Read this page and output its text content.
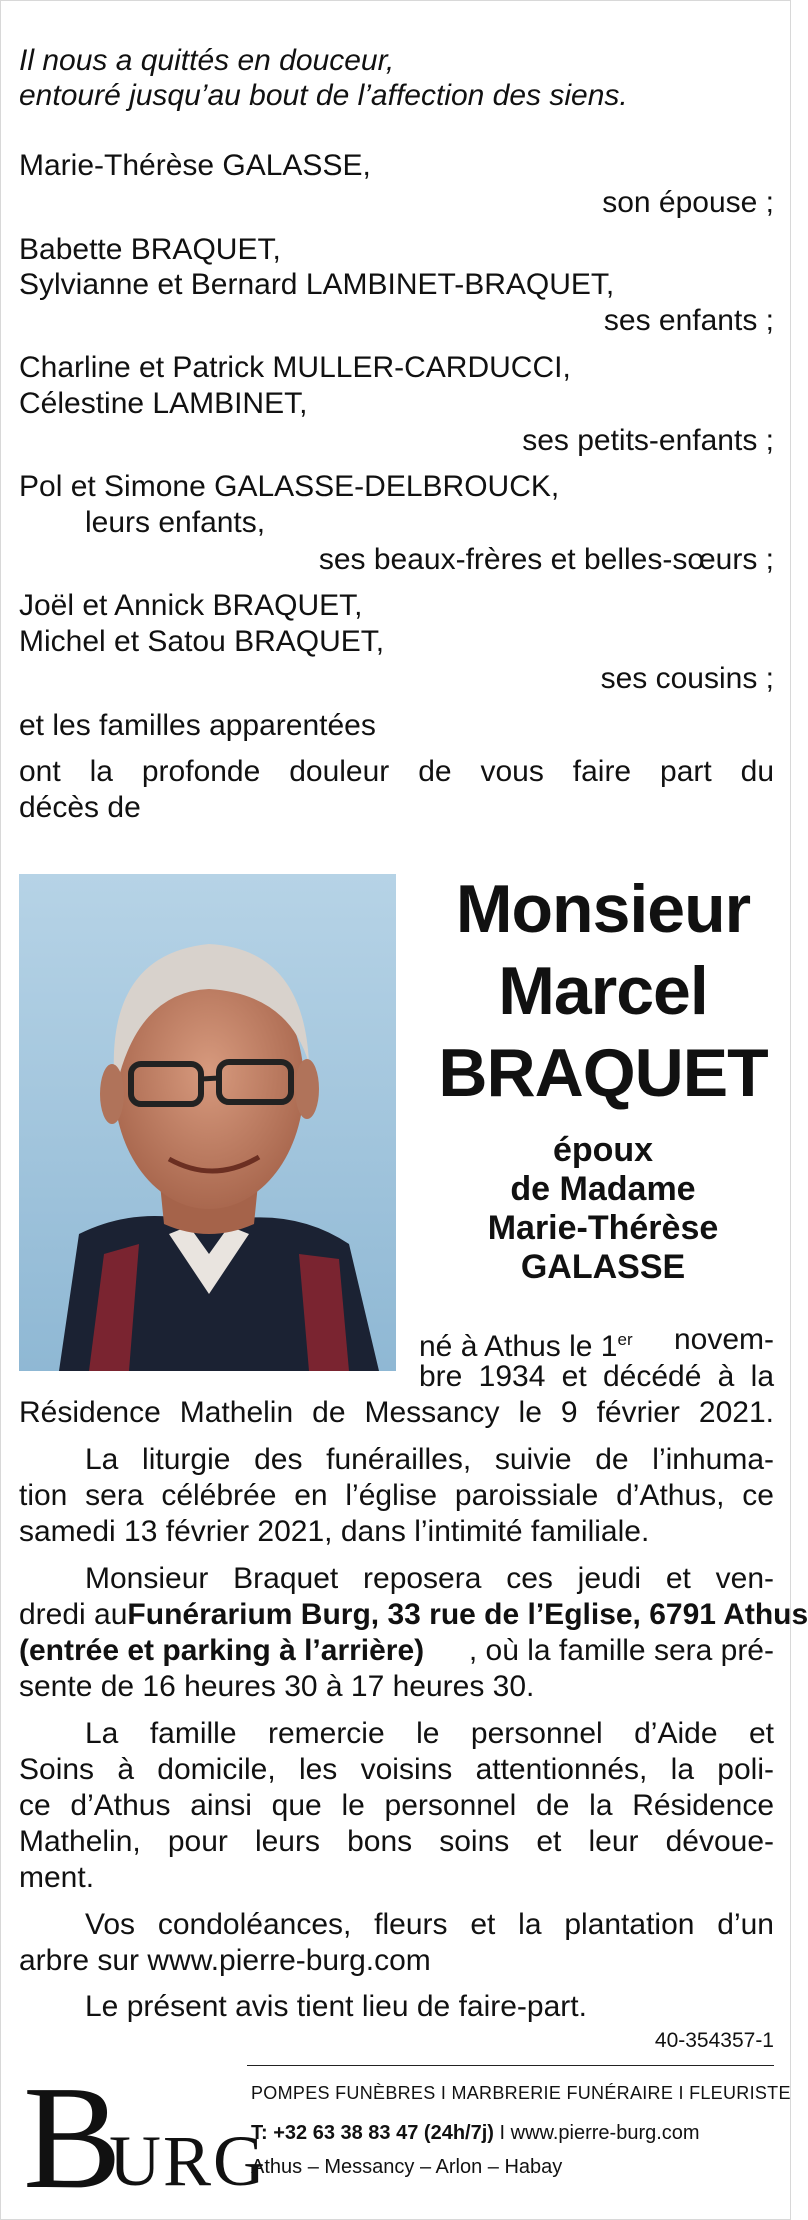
Il nous a quittés en douceur,
entouré jusqu’au bout de l’affection des siens.
Marie-Thérèse GALASSE,
son épouse ;
Babette BRAQUET,
Sylvianne et Bernard LAMBINET-BRAQUET,
ses enfants ;
Charline et Patrick MULLER-CARDUCCI,
Célestine LAMBINET,
ses petits-enfants ;
Pol et Simone GALASSE-DELBROUCK,
leurs enfants,
ses beaux-frères et belles-sœurs ;
Joël et Annick BRAQUET,
Michel et Satou BRAQUET,
ses cousins ;
et les familles apparentées
ont la profonde douleur de vous faire part du
décès de
Monsieur
Marcel
BRAQUET
époux
de Madame
Marie-Thérèse
GALASSE
né à Athus le 1er novem-
bre 1934 et décédé à la
Résidence Mathelin de Messancy le 9 février 2021.
La liturgie des funérailles, suivie de l’inhuma-
tion sera célébrée en l’église paroissiale d’Athus, ce
samedi 13 février 2021, dans l’intimité familiale.
Monsieur Braquet reposera ces jeudi et ven-
dredi au Funérarium Burg, 33 rue de l’Eglise, 6791 Athus
(entrée et parking à l’arrière) , où la famille sera pré-
sente de 16 heures 30 à 17 heures 30.
La famille remercie le personnel d’Aide et
Soins à domicile, les voisins attentionnés, la poli-
ce d’Athus ainsi que le personnel de la Résidence
Mathelin, pour leurs bons soins et leur dévoue-
ment.
Vos condoléances, fleurs et la plantation d’un
arbre sur www.pierre-burg.com
Le présent avis tient lieu de faire-part.
40-354357-1
B
URG
POMPES FUNÈBRES I MARBRERIE FUNÉRAIRE I FLEURISTE
T: +32 63 38 83 47 (24h/7j) I www.pierre-burg.com
Athus – Messancy – Arlon – Habay
